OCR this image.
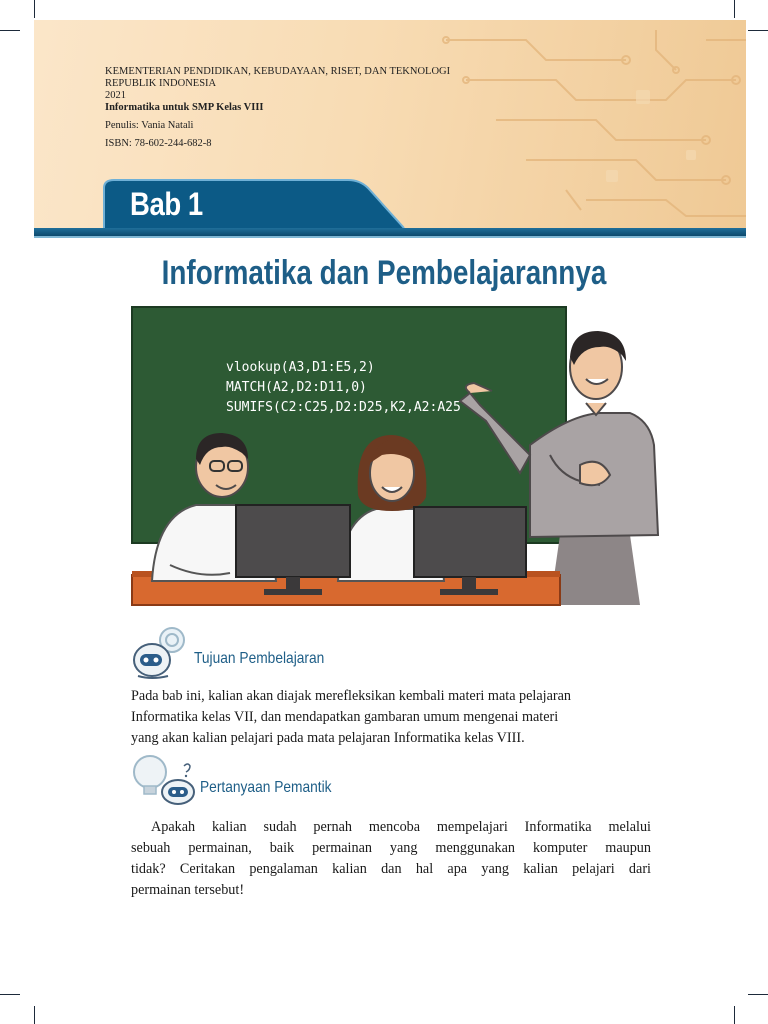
KEMENTERIAN PENDIDIKAN, KEBUDAYAAN, RISET, DAN TEKNOLOGI
REPUBLIK INDONESIA
2021
Informatika untuk SMP Kelas VIII
Penulis: Vania Natali
ISBN: 78-602-244-682-8
Bab 1
Informatika dan Pembelajarannya
vlookup(A3,D1:E5,2)
MATCH(A2,D2:D11,0)
SUMIFS(C2:C25,D2:D25,K2,A2:A25
Tujuan Pembelajaran
Pada bab ini, kalian akan diajak merefleksikan kembali materi mata pelajaran
Informatika kelas VII, dan mendapatkan gambaran umum mengenai materi
yang akan kalian pelajari pada mata pelajaran Informatika kelas VIII.
Pertanyaan Pemantik
Apakah kalian sudah pernah mencoba mempelajari Informatika melalui
sebuah permainan, baik permainan yang menggunakan komputer maupun
tidak? Ceritakan pengalaman kalian dan hal apa yang kalian pelajari dari
permainan tersebut!
